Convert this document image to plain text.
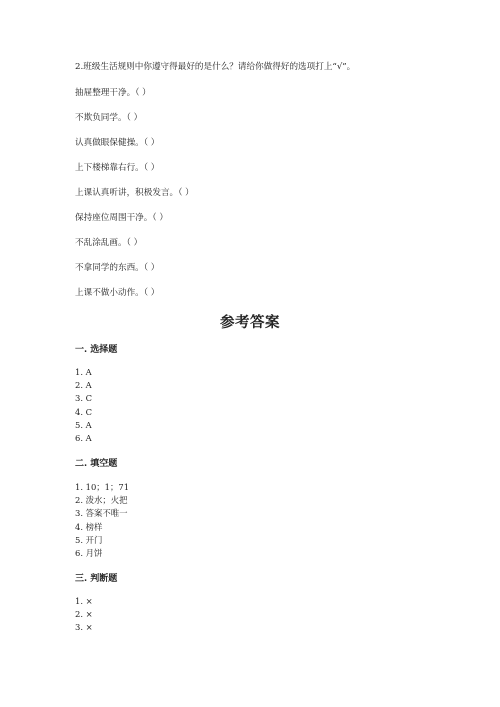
2.班级生活规则中你遵守得最好的是什么？请给你做得好的选项打上“√”。
抽屉整理干净。（ ）
不欺负同学。（ ）
认真做眼保健操。（ ）
上下楼梯靠右行。（ ）
上课认真听讲，积极发言。（ ）
保持座位周围干净。（ ）
不乱涂乱画。（ ）
不拿同学的东西。（ ）
上课不做小动作。（ ）
参考答案
一. 选择题
1. A
2. A
3. C
4. C
5. A
6. A
二. 填空题
1. 10；1；71
2. 泼水；火把
3. 答案不唯一
4. 榜样
5. 开门
6. 月饼
三. 判断题
1. ×
2. ×
3. ×
